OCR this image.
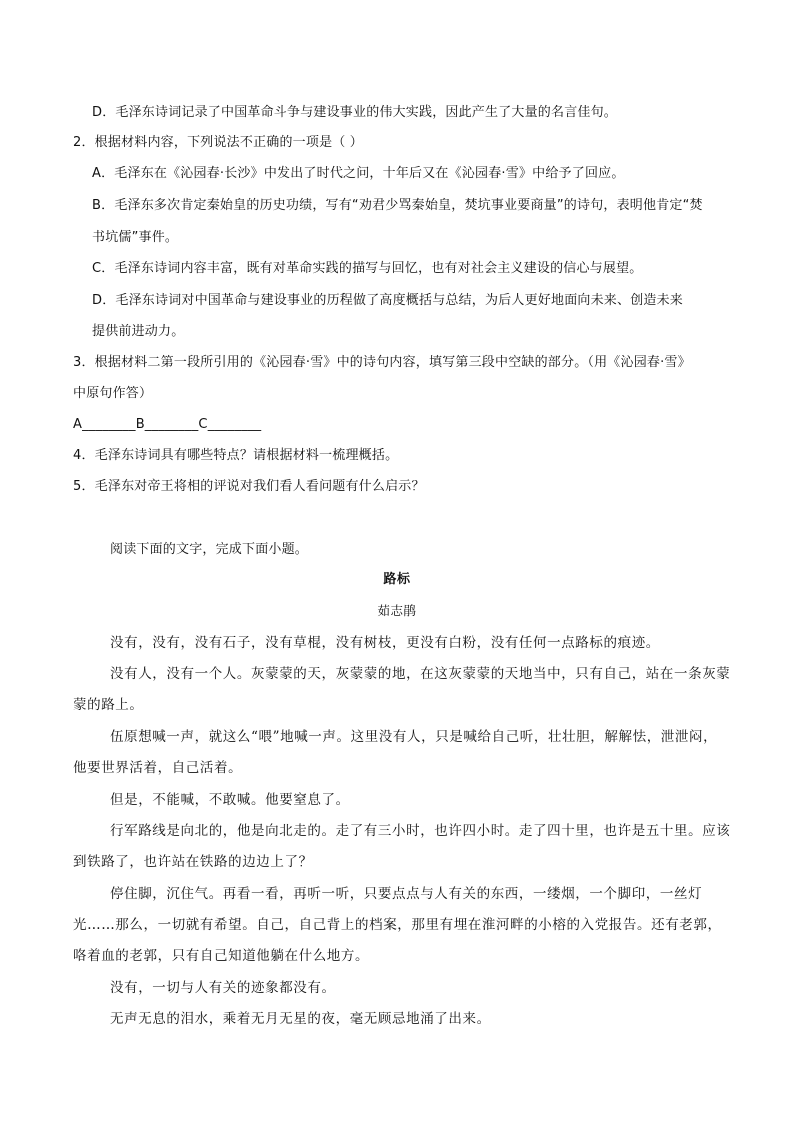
D．毛泽东诗词记录了中国革命斗争与建设事业的伟大实践，因此产生了大量的名言佳句。
2．根据材料内容，下列说法不正确的一项是（ ）
A．毛泽东在《沁园春·长沙》中发出了时代之问，十年后又在《沁园春·雪》中给予了回应。
B．毛泽东多次肯定秦始皇的历史功绩，写有“劝君少骂秦始皇，焚坑事业要商量”的诗句，表明他肯定“焚
书坑儒”事件。
C．毛泽东诗词内容丰富，既有对革命实践的描写与回忆，也有对社会主义建设的信心与展望。
D．毛泽东诗词对中国革命与建设事业的历程做了高度概括与总结，为后人更好地面向未来、创造未来
提供前进动力。
3．根据材料二第一段所引用的《沁园春·雪》中的诗句内容，填写第三段中空缺的部分。（用《沁园春·雪》
中原句作答）
A________B________C________
4．毛泽东诗词具有哪些特点？请根据材料一梳理概括。
5．毛泽东对帝王将相的评说对我们看人看问题有什么启示？
阅读下面的文字，完成下面小题。
路标
茹志鹃
没有，没有，没有石子，没有草棍，没有树枝，更没有白粉，没有任何一点路标的痕迹。
没有人，没有一个人。灰蒙蒙的天，灰蒙蒙的地，在这灰蒙蒙的天地当中，只有自己，站在一条灰蒙
蒙的路上。
伍原想喊一声，就这么“喂”地喊一声。这里没有人，只是喊给自己听，壮壮胆，解解怯，泄泄闷，
他要世界活着，自己活着。
但是，不能喊，不敢喊。他要窒息了。
行军路线是向北的，他是向北走的。走了有三小时，也许四小时。走了四十里，也许是五十里。应该
到铁路了，也许站在铁路的边边上了？
停住脚，沉住气。再看一看，再听一听，只要点点与人有关的东西，一缕烟，一个脚印，一丝灯
光……那么，一切就有希望。自己，自己背上的档案，那里有埋在淮河畔的小榕的入党报告。还有老郭，
咯着血的老郭，只有自己知道他躺在什么地方。
没有，一切与人有关的迹象都没有。
无声无息的泪水，乘着无月无星的夜，毫无顾忌地涌了出来。
